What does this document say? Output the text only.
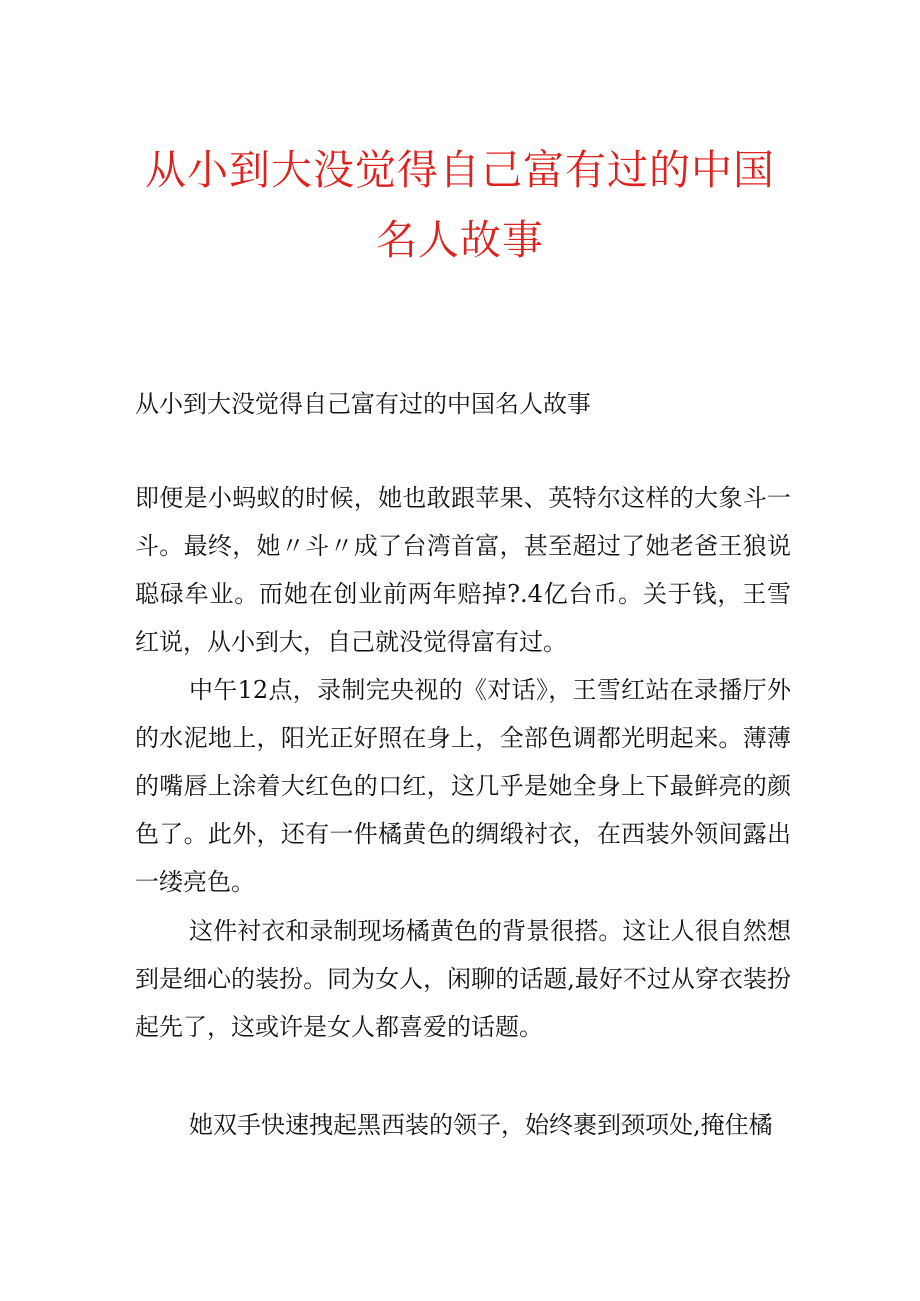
从小到大没觉得自己富有过的中国
名人故事
从小到大没觉得自己富有过的中国名人故事

即便是小蚂蚁的时候，她也敢跟苹果、英特尔这样的大象斗一斗。最终，她〃斗〃成了台湾首富，甚至超过了她老爸王狼说聪碌牟业。而她在创业前两年赔掉?.4亿台币。关于钱，王雪红说，从小到大，自己就没觉得富有过。

中午12点，录制完央视的《对话》，王雪红站在录播厅外的水泥地上，阳光正好照在身上，全部色调都光明起来。薄薄的嘴唇上涂着大红色的口红，这几乎是她全身上下最鲜亮的颜色了。此外，还有一件橘黄色的绸缎衬衣，在西装外领间露出一缕亮色。

这件衬衣和录制现场橘黄色的背景很搭。这让人很自然想到是细心的装扮。同为女人，闲聊的话题,最好不过从穿衣装扮起先了，这或许是女人都喜爱的话题。

她双手快速拽起黑西装的领子，始终裹到颈项处,掩住橘
